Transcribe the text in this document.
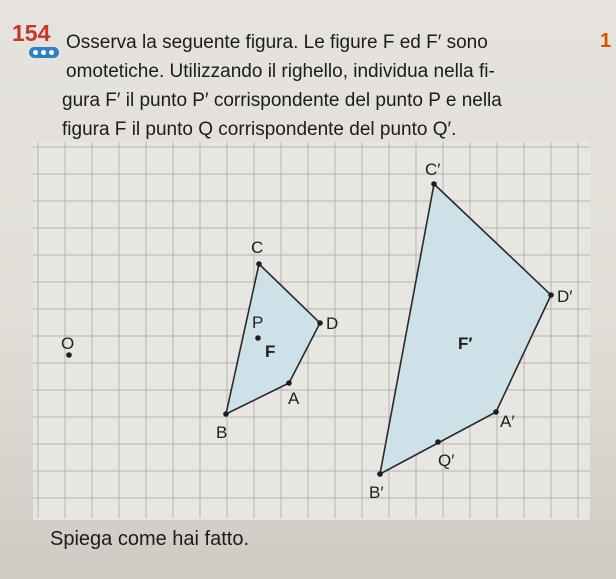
154	1

Osserva la seguente figura. Le figure F ed F′ sono

omotetiche. Utilizzando il righello, individua nella fi-

gura F′ il punto P′ corrispondente del punto P e nella

figura F il punto Q corrispondente del punto Q′.

O
C
D
A
B
P
F
C′
D′
A′
B′
Q′
F′
Spiega come hai fatto.
